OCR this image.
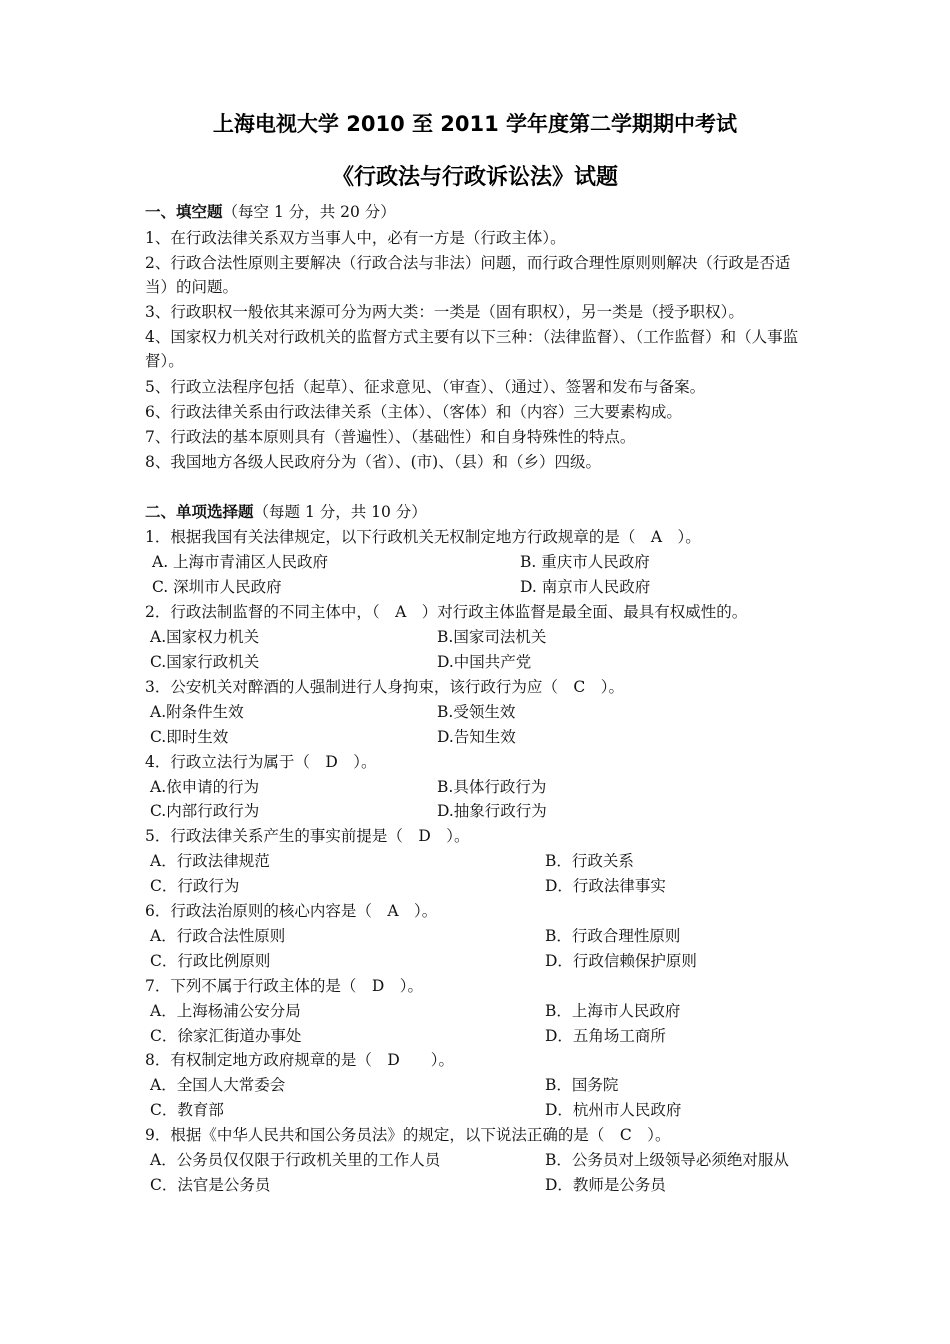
上海电视大学 2010 至 2011 学年度第二学期期中考试
《行政法与行政诉讼法》试题
一、填空题（每空 1 分，共 20 分）
1、在行政法律关系双方当事人中，必有一方是（行政主体）。
2、行政合法性原则主要解决（行政合法与非法）问题，而行政合理性原则则解决（行政是否适当）的问题。
3、行政职权一般依其来源可分为两大类：一类是（固有职权），另一类是（授予职权）。
4、国家权力机关对行政机关的监督方式主要有以下三种：（法律监督）、（工作监督）和（人事监督）。
5、行政立法程序包括（起草）、征求意见、（审查）、（通过）、签署和发布与备案。
6、行政法律关系由行政法律关系（主体）、（客体）和（内容）三大要素构成。
7、行政法的基本原则具有（普遍性）、（基础性）和自身特殊性的特点。
8、我国地方各级人民政府分为（省）、(市)、（县）和（乡）四级。
二、单项选择题（每题 1 分，共 10 分）
1．根据我国有关法律规定，以下行政机关无权制定地方行政规章的是（　A　）。
A. 上海市青浦区人民政府	B. 重庆市人民政府
C. 深圳市人民政府	D. 南京市人民政府
2．行政法制监督的不同主体中，（　A　）对行政主体监督是最全面、最具有权威性的。
A.国家权力机关	B.国家司法机关
C.国家行政机关	D.中国共产党
3．公安机关对醉酒的人强制进行人身拘束，该行政行为应（　C　）。
A.附条件生效	B.受领生效
C.即时生效	D.告知生效
4．行政立法行为属于（　D　）。
A.依申请的行为	B.具体行政行为
C.内部行政行为	D.抽象行政行为
5．行政法律关系产生的事实前提是（　D　）。
A．行政法律规范	B．行政关系
C．行政行为	D．行政法律事实
6．行政法治原则的核心内容是（　A　）。
A．行政合法性原则	B．行政合理性原则
C．行政比例原则	D．行政信赖保护原则
7．下列不属于行政主体的是（　D　）。
A．上海杨浦公安分局	B．上海市人民政府
C．徐家汇街道办事处	D．五角场工商所
8．有权制定地方政府规章的是（　D　　）。
A．全国人大常委会	B．国务院
C．教育部	D．杭州市人民政府
9．根据《中华人民共和国公务员法》的规定，以下说法正确的是（　C　）。
A．公务员仅仅限于行政机关里的工作人员	B．公务员对上级领导必须绝对服从
C．法官是公务员	D．教师是公务员
